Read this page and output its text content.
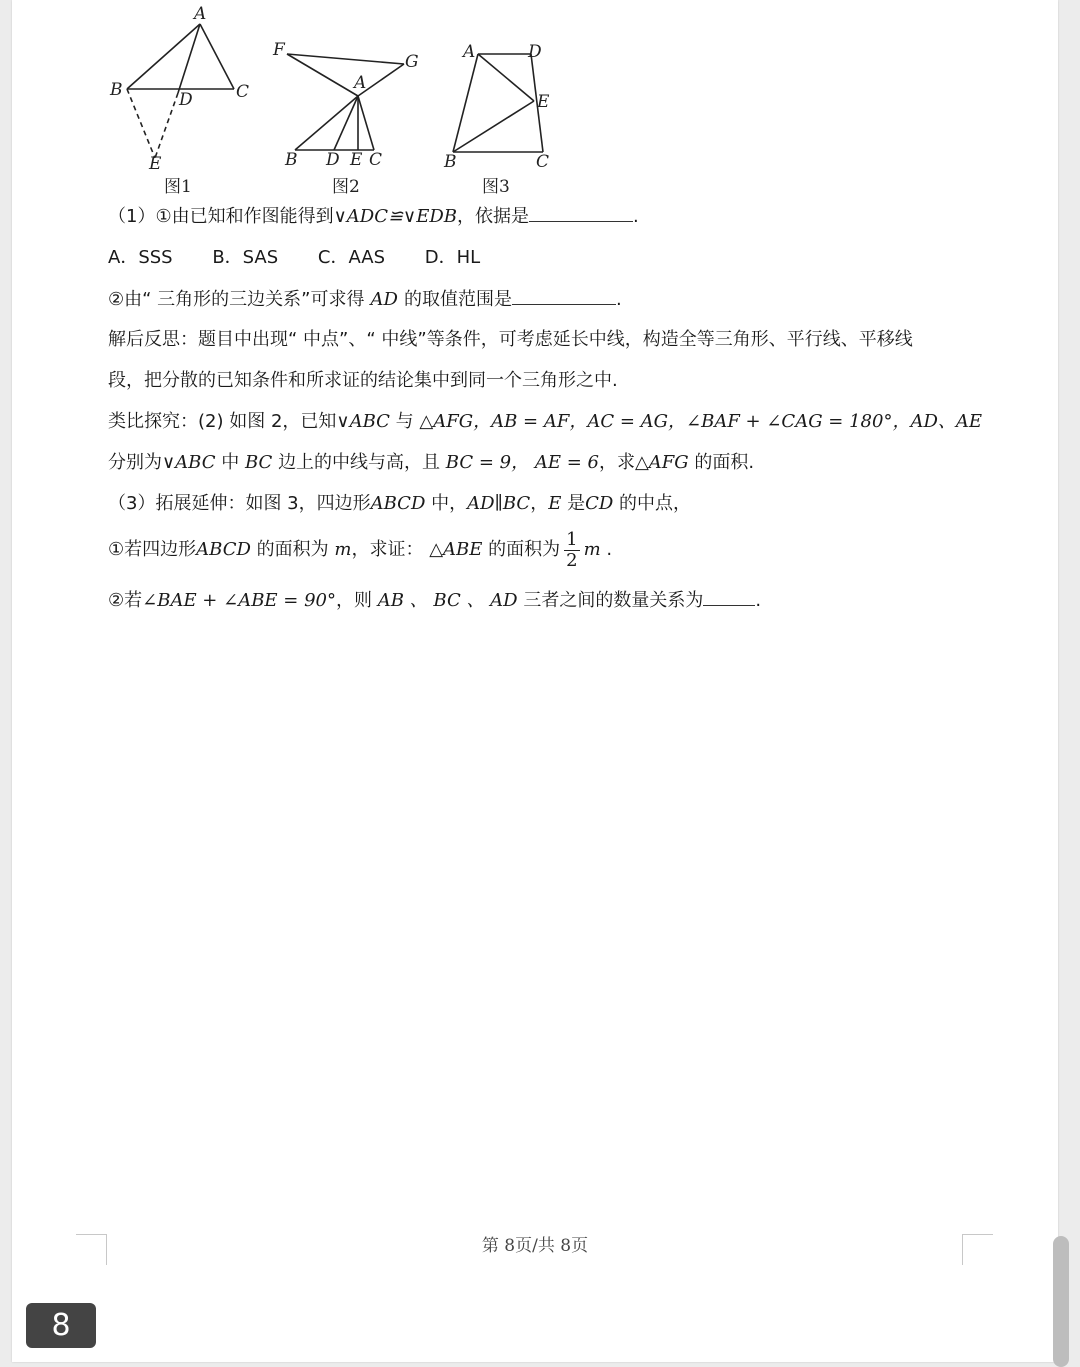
A
B	C
D
E
图1
F
G
A
B D E C
图2
A	D
E
B	C
图3
（1）①由已知和作图能得到∨ADC≌∨EDB，依据是	.
A．SSS B．SAS C．AAS D．HL
②由“ 三角形的三边关系”可求得 AD 的取值范围是	.
解后反思：题目中出现“ 中点”、“ 中线”等条件，可考虑延长中线，构造全等三角形、平行线、平移线
段，把分散的已知条件和所求证的结论集中到同一个三角形之中.
类比探究：(2) 如图 2，已知∨ABC 与 △AFG，AB = AF，AC = AG，∠BAF + ∠CAG = 180°，AD、AE
分别为∨ABC 中 BC 边上的中线与高，且 BC = 9， AE = 6，求△AFG 的面积.
（3）拓展延伸：如图 3，四边形ABCD 中，AD∥BC，E 是CD 的中点，
①若四边形ABCD 的面积为 m，求证： △ABE 的面积为 $\frac{1}{2}$ m .
②若∠BAE + ∠ABE = 90°，则 AB 、 BC 、 AD 三者之间的数量关系为	.
第 8页/共 8页
8
